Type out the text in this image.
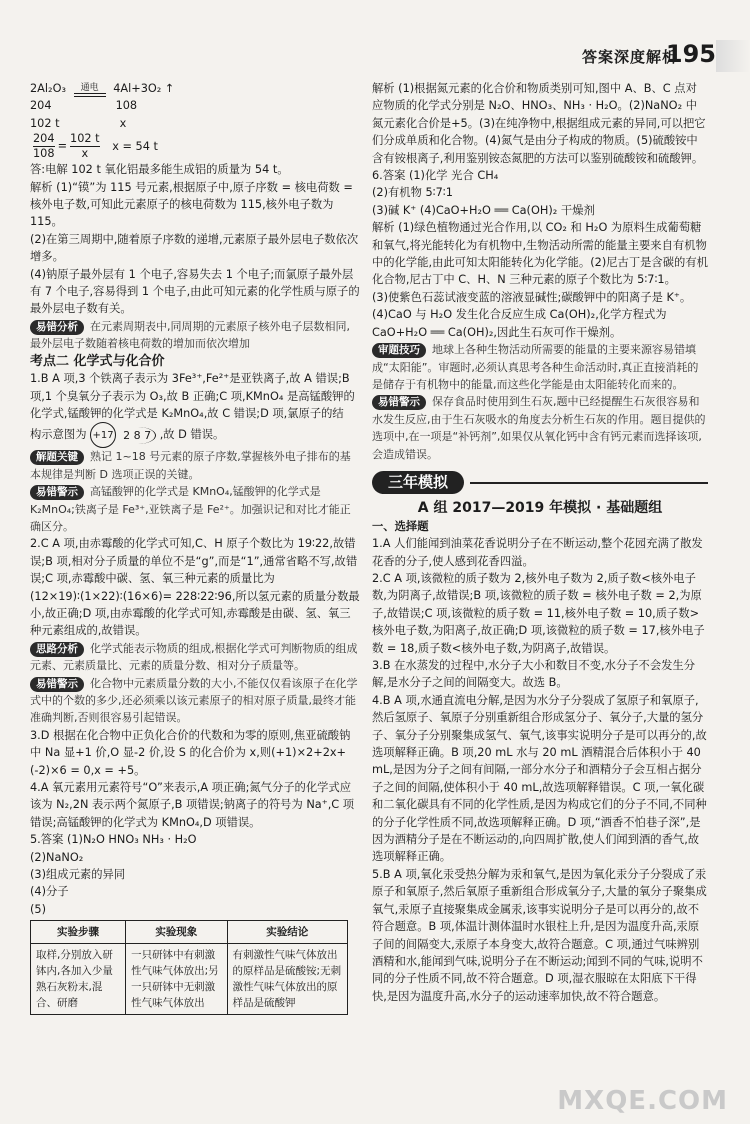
答案深度解析
195

2Al₂O₃	通电	4Al+3O₂ ↑

204	108

102 t	x

$\frac{204}{108} = \frac{102 t}{x}$ x = 54 t

答:电解 102 t 氧化铝最多能生成铝的质量为 54 t。

解析 (1)“镆”为 115 号元素,根据原子中,原子序数 = 核电荷数 = 核外电子数,可知此元素原子的核电荷数为 115,核外电子数为 115。

(2)在第三周期中,随着原子序数的递增,元素原子最外层电子数依次增多。

(4)钠原子最外层有 1 个电子,容易失去 1 个电子;而氯原子最外层有 7 个电子,容易得到 1 个电子,由此可知元素的化学性质与原子的最外层电子数有关。

易错分析 在元素周期表中,同周期的元素原子核外电子层数相同,最外层电子数随着核电荷数的增加而依次增加

考点二 化学式与化合价

1.B A 项,3 个铁离子表示为 3Fe³⁺,Fe²⁺是亚铁离子,故 A 错误;B 项,1 个臭氧分子表示为 O₃,故 B 正确;C 项,KMnO₄ 是高锰酸钾的化学式,锰酸钾的化学式是 K₂MnO₄,故 C 错误;D 项,氯原子的结

构示意图为 +17 2 8 7 ,故 D 错误。

解题关键 熟记 1~18 号元素的原子序数,掌握核外电子排布的基本规律是判断 D 选项正误的关键。

易错警示 高锰酸钾的化学式是 KMnO₄,锰酸钾的化学式是 K₂MnO₄;铁离子是 Fe³⁺,亚铁离子是 Fe²⁺。加强识记和对比才能正确区分。

2.C A 项,由赤霉酸的化学式可知,C、H 原子个数比为 19∶22,故错误;B 项,相对分子质量的单位不是“g”,而是“1”,通常省略不写,故错误;C 项,赤霉酸中碳、氢、氧三种元素的质量比为(12×19)∶(1×22)∶(16×6)= 228∶22∶96,所以氢元素的质量分数最小,故正确;D 项,由赤霉酸的化学式可知,赤霉酸是由碳、氢、氧三种元素组成的,故错误。

思路分析 化学式能表示物质的组成,根据化学式可判断物质的组成元素、元素质量比、元素的质量分数、相对分子质量等。

易错警示 化合物中元素质量分数的大小,不能仅仅看该原子在化学式中的个数的多少,还必须乘以该元素原子的相对原子质量,最终才能准确判断,否则很容易引起错误。

3.D 根据在化合物中正负化合价的代数和为零的原则,焦亚硫酸钠中 Na 显+1 价,O 显-2 价,设 S 的化合价为 x,则(+1)×2+2x+(-2)×6 = 0,x = +5。

4.A 氧元素用元素符号“O”来表示,A 项正确;氮气分子的化学式应该为 N₂,2N 表示两个氮原子,B 项错误;钠离子的符号为 Na⁺,C 项错误;高锰酸钾的化学式为 KMnO₄,D 项错误。

5.答案 (1)N₂O HNO₃ NH₃ · H₂O

(2)NaNO₂

(3)组成元素的异同

(4)分子

(5)

实验步骤	实验现象	实验结论
取样,分别放入研钵内,各加入少量熟石灰粉末,混合、研磨	一只研钵中有刺激性气味气体放出;另一只研钵中无刺激性气味气体放出	有刺激性气味气体放出的原样品是硫酸铵;无刺激性气味气体放出的原样品是硫酸钾

解析 (1)根据氮元素的化合价和物质类别可知,图中 A、B、C 点对应物质的化学式分别是 N₂O、HNO₃、NH₃ · H₂O。(2)NaNO₂ 中氮元素化合价是+5。(3)在纯净物中,根据组成元素的异同,可以把它们分成单质和化合物。(4)氮气是由分子构成的物质。(5)硫酸铵中含有铵根离子,利用鉴别铵态氮肥的方法可以鉴别硫酸铵和硫酸钾。

6.答案 (1)化学 光合 CH₄

(2)有机物 5∶7∶1

(3)碱 K⁺ (4)CaO+H₂O ══ Ca(OH)₂ 干燥剂

解析 (1)绿色植物通过光合作用,以 CO₂ 和 H₂O 为原料生成葡萄糖和氧气,将光能转化为有机物中,生物活动所需的能量主要来自有机物中的化学能,由此可知太阳能转化为化学能。(2)尼古丁是含碳的有机化合物,尼古丁中 C、H、N 三种元素的原子个数比为 5∶7∶1。

(3)使紫色石蕊试液变蓝的溶液显碱性;碳酸钾中的阳离子是 K⁺。(4)CaO 与 H₂O 发生化合反应生成 Ca(OH)₂,化学方程式为 CaO+H₂O ══ Ca(OH)₂,因此生石灰可作干燥剂。

审题技巧 地球上各种生物活动所需要的能量的主要来源容易错填成“太阳能”。审题时,必须认真思考各种生命活动时,真正直接消耗的是储存于有机物中的能量,而这些化学能是由太阳能转化而来的。

易错警示 保存食品时使用到生石灰,题中已经提醒生石灰很容易和水发生反应,由于生石灰吸水的角度去分析生石灰的作用。题目提供的选项中,在一项是“补钙剂”,如果仅从氧化钙中含有钙元素而选择该项,会造成错误。

三年模拟

A 组 2017—2019 年模拟 · 基础题组

一、选择题

1.A 人们能闻到油菜花香说明分子在不断运动,整个花园充满了散发花香的分子,使人感到花香四溢。

2.C A 项,该微粒的质子数为 2,核外电子数为 2,质子数<核外电子数,为阴离子,故错误;B 项,该微粒的质子数 = 核外电子数 = 2,为原子,故错误;C 项,该微粒的质子数 = 11,核外电子数 = 10,质子数>核外电子数,为阳离子,故正确;D 项,该微粒的质子数 = 17,核外电子数 = 18,质子数<核外电子数,为阴离子,故错误。

3.B 在水蒸发的过程中,水分子大小和数目不变,水分子不会发生分解,是水分子之间的间隔变大。故选 B。

4.B A 项,水通直流电分解,是因为水分子分裂成了氢原子和氧原子,然后氢原子、氧原子分别重新组合形成氢分子、氧分子,大量的氢分子、氧分子分别聚集成氢气、氧气,该事实说明分子是可以再分的,故选项解释正确。B 项,20 mL 水与 20 mL 酒精混合后体积小于 40 mL,是因为分子之间有间隔,一部分水分子和酒精分子会互相占据分子之间的间隔,使体积小于 40 mL,故选项解释错误。C 项,一氧化碳和二氧化碳具有不同的化学性质,是因为构成它们的分子不同,不同种的分子化学性质不同,故选项解释正确。D 项,“酒香不怕巷子深”,是因为酒精分子是在不断运动的,向四周扩散,使人们闻到酒的香气,故选项解释正确。

5.B A 项,氧化汞受热分解为汞和氧气,是因为氧化汞分子分裂成了汞原子和氧原子,然后氧原子重新组合形成氧分子,大量的氧分子聚集成氧气,汞原子直接聚集成金属汞,该事实说明分子是可以再分的,故不符合题意。B 项,体温计测体温时水银柱上升,是因为温度升高,汞原子间的间隔变大,汞原子本身变大,故符合题意。C 项,通过气味辨别酒精和水,能闻到气味,说明分子在不断运动;闻到不同的气味,说明不同的分子性质不同,故不符合题意。D 项,湿衣服晾在太阳底下干得快,是因为温度升高,水分子的运动速率加快,故不符合题意。

MXQE.COM
